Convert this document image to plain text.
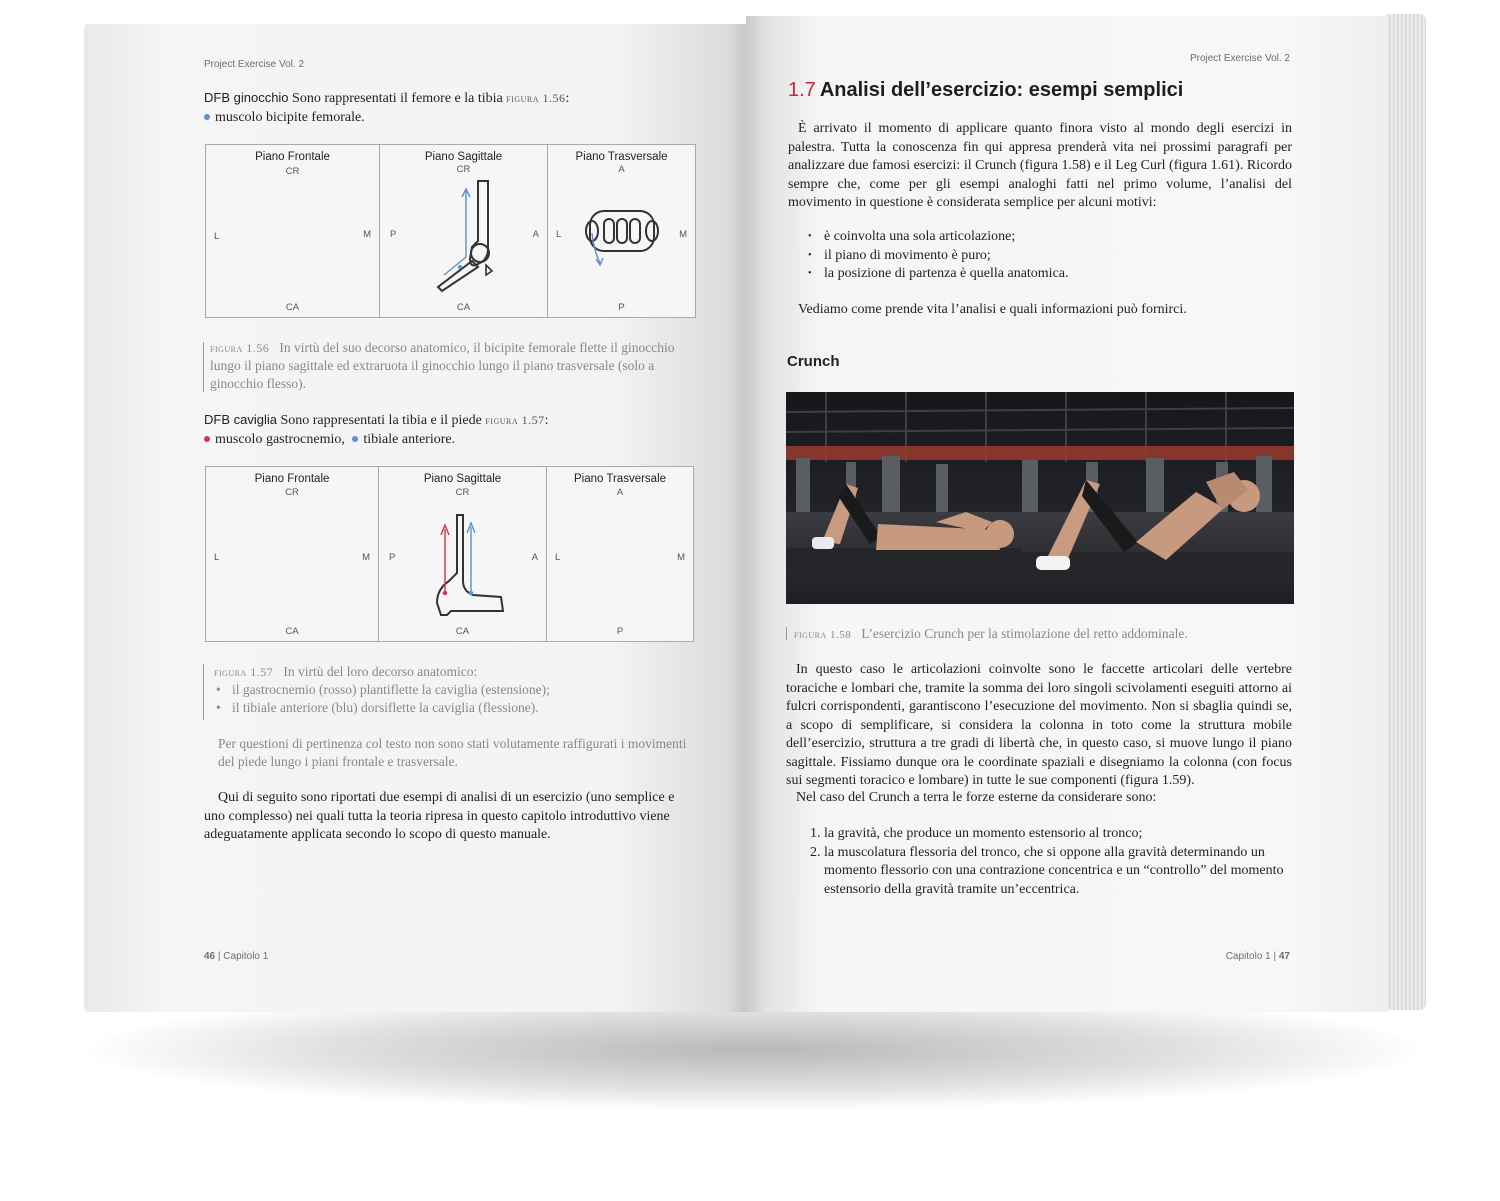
Project Exercise Vol. 2
DFB ginocchio Sono rappresentati il femore e la tibia figura 1.56:
muscolo bicipite femorale.
Piano Frontale
CR
L	M
CA
Piano Sagittale
CR
P	A
CA
Piano Trasversale
A
L	M
P
figura 1.56 In virtù del suo decorso anatomico, il bicipite femorale flette il ginocchio lungo il piano sagittale ed extraruota il ginocchio lungo il piano trasversale (solo a ginocchio flesso).
DFB caviglia Sono rappresentati la tibia e il piede figura 1.57:
muscolo gastrocnemio, tibiale anteriore.
Piano Frontale
CR
L	M
CA
Piano Sagittale
CR
P	A
CA
Piano Trasversale
A
L	M
P
figura 1.57 In virtù del loro decorso anatomico:
• il gastrocnemio (rosso) plantiflette la caviglia (estensione);
• il tibiale anteriore (blu) dorsiflette la caviglia (flessione).
Per questioni di pertinenza col testo non sono stati volutamente raffigurati i movimenti del piede lungo i piani frontale e trasversale.
Qui di seguito sono riportati due esempi di analisi di un esercizio (uno semplice e uno complesso) nei quali tutta la teoria ripresa in questo capitolo introduttivo viene adeguatamente applicata secondo lo scopo di questo manuale.
46 | Capitolo 1
Project Exercise Vol. 2
1.7 Analisi dell’esercizio: esempi semplici
È arrivato il momento di applicare quanto finora visto al mondo degli esercizi in palestra. Tutta la conoscenza fin qui appresa prenderà vita nei prossimi paragrafi per analizzare due famosi esercizi: il Crunch (figura 1.58) e il Leg Curl (figura 1.61). Ricordo sempre che, come per gli esempi analoghi fatti nel primo volume, l’analisi del movimento in questione è considerata semplice per alcuni motivi:
• è coinvolta una sola articolazione;
• il piano di movimento è puro;
• la posizione di partenza è quella anatomica.
Vediamo come prende vita l’analisi e quali informazioni può fornirci.
Crunch
figura 1.58 L’esercizio Crunch per la stimolazione del retto addominale.
In questo caso le articolazioni coinvolte sono le faccette articolari delle vertebre toraciche e lombari che, tramite la somma dei loro singoli scivolamenti eseguiti attorno ai fulcri corrispondenti, garantiscono l’esecuzione del movimento. Non si sbaglia quindi se, a scopo di semplificare, si considera la colonna in toto come la struttura mobile dell’esercizio, struttura a tre gradi di libertà che, in questo caso, si muove lungo il piano sagittale. Fissiamo dunque ora le coordinate spaziali e disegniamo la colonna (con focus sui segmenti toracico e lombare) in tutte le sue componenti (figura 1.59).
Nel caso del Crunch a terra le forze esterne da considerare sono:
1. la gravità, che produce un momento estensorio al tronco;
2. la muscolatura flessoria del tronco, che si oppone alla gravità determinando un momento flessorio con una contrazione concentrica e un “controllo” del momento estensorio della gravità tramite un’eccentrica.
Capitolo 1 | 47
